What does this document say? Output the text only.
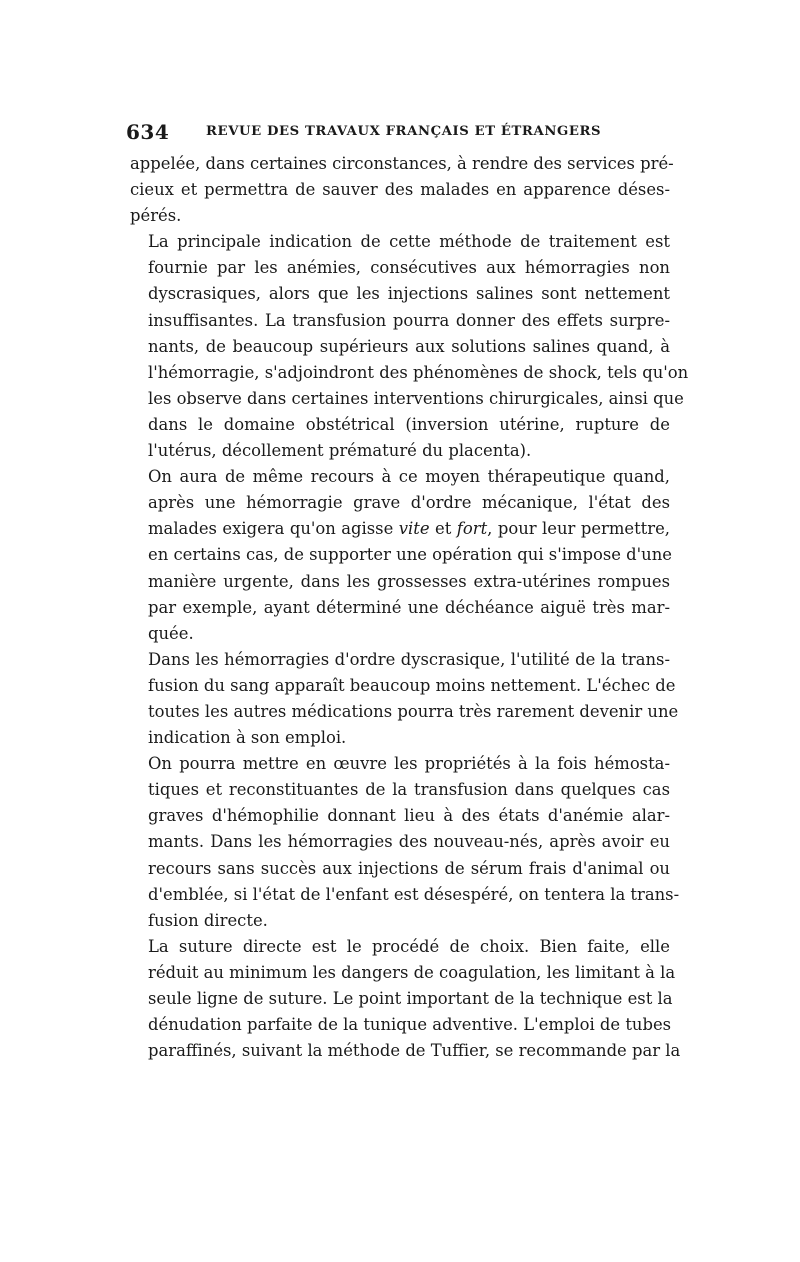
634	REVUE DES TRAVAUX FRANÇAIS ET ÉTRANGERS

appelée, dans certaines circonstances, à rendre des services pré-
cieux et permettra de sauver des malades en apparence déses-
pérés.

La principale indication de cette méthode de traitement est
fournie par les anémies, consécutives aux hémorragies non
dyscrasiques, alors que les injections salines sont nettement
insuffisantes. La transfusion pourra donner des effets surpre-
nants, de beaucoup supérieurs aux solutions salines quand, à
l'hémorragie, s'adjoindront des phénomènes de shock, tels qu'on
les observe dans certaines interventions chirurgicales, ainsi que
dans le domaine obstétrical (inversion utérine, rupture de
l'utérus, décollement prématuré du placenta).

On aura de même recours à ce moyen thérapeutique quand,
après une hémorragie grave d'ordre mécanique, l'état des
malades exigera qu'on agisse vite et fort, pour leur permettre,
en certains cas, de supporter une opération qui s'impose d'une
manière urgente, dans les grossesses extra-utérines rompues
par exemple, ayant déterminé une déchéance aiguë très mar-
quée.

Dans les hémorragies d'ordre dyscrasique, l'utilité de la trans-
fusion du sang apparaît beaucoup moins nettement. L'échec de
toutes les autres médications pourra très rarement devenir une
indication à son emploi.

On pourra mettre en œuvre les propriétés à la fois hémosta-
tiques et reconstituantes de la transfusion dans quelques cas
graves d'hémophilie donnant lieu à des états d'anémie alar-
mants. Dans les hémorragies des nouveau-nés, après avoir eu
recours sans succès aux injections de sérum frais d'animal ou
d'emblée, si l'état de l'enfant est désespéré, on tentera la trans-
fusion directe.

La suture directe est le procédé de choix. Bien faite, elle
réduit au minimum les dangers de coagulation, les limitant à la
seule ligne de suture. Le point important de la technique est la
dénudation parfaite de la tunique adventive. L'emploi de tubes
paraffinés, suivant la méthode de Tuffier, se recommande par la
